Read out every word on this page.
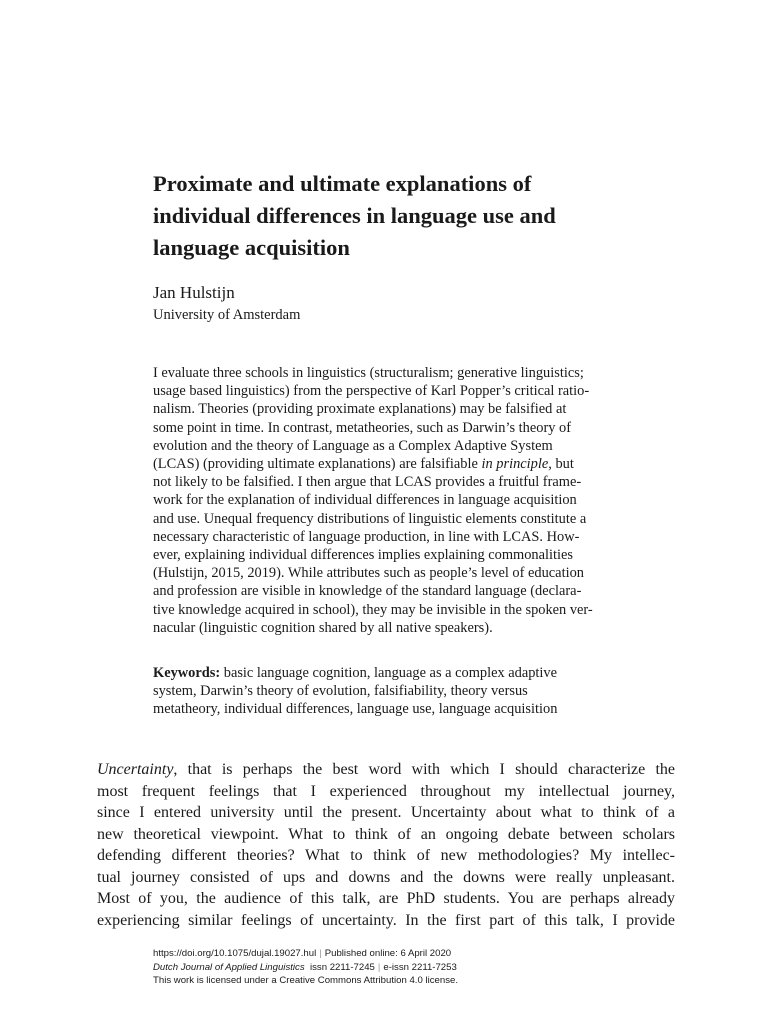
Proximate and ultimate explanations of
individual differences in language use and
language acquisition
Jan Hulstijn
University of Amsterdam
I evaluate three schools in linguistics (structuralism; generative linguistics;
usage based linguistics) from the perspective of Karl Popper’s critical ratio-
nalism. Theories (providing proximate explanations) may be falsified at
some point in time. In contrast, metatheories, such as Darwin’s theory of
evolution and the theory of Language as a Complex Adaptive System
(LCAS) (providing ultimate explanations) are falsifiable in principle, but
not likely to be falsified. I then argue that LCAS provides a fruitful frame-
work for the explanation of individual differences in language acquisition
and use. Unequal frequency distributions of linguistic elements constitute a
necessary characteristic of language production, in line with LCAS. How-
ever, explaining individual differences implies explaining commonalities
(Hulstijn, 2015, 2019). While attributes such as people’s level of education
and profession are visible in knowledge of the standard language (declara-
tive knowledge acquired in school), they may be invisible in the spoken ver-
nacular (linguistic cognition shared by all native speakers).
Keywords: basic language cognition, language as a complex adaptive
system, Darwin’s theory of evolution, falsifiability, theory versus
metatheory, individual differences, language use, language acquisition
Uncertainty, that is perhaps the best word with which I should characterize the
most frequent feelings that I experienced throughout my intellectual journey,
since I entered university until the present. Uncertainty about what to think of a
new theoretical viewpoint. What to think of an ongoing debate between scholars
defending different theories? What to think of new methodologies? My intellec-
tual journey consisted of ups and downs and the downs were really unpleasant.
Most of you, the audience of this talk, are PhD students. You are perhaps already
experiencing similar feelings of uncertainty. In the first part of this talk, I provide
https://doi.org/10.1075/dujal.19027.hul | Published online: 6 April 2020
Dutch Journal of Applied Linguistics issn 2211-7245 | e-issn 2211-7253
This work is licensed under a Creative Commons Attribution 4.0 license.
